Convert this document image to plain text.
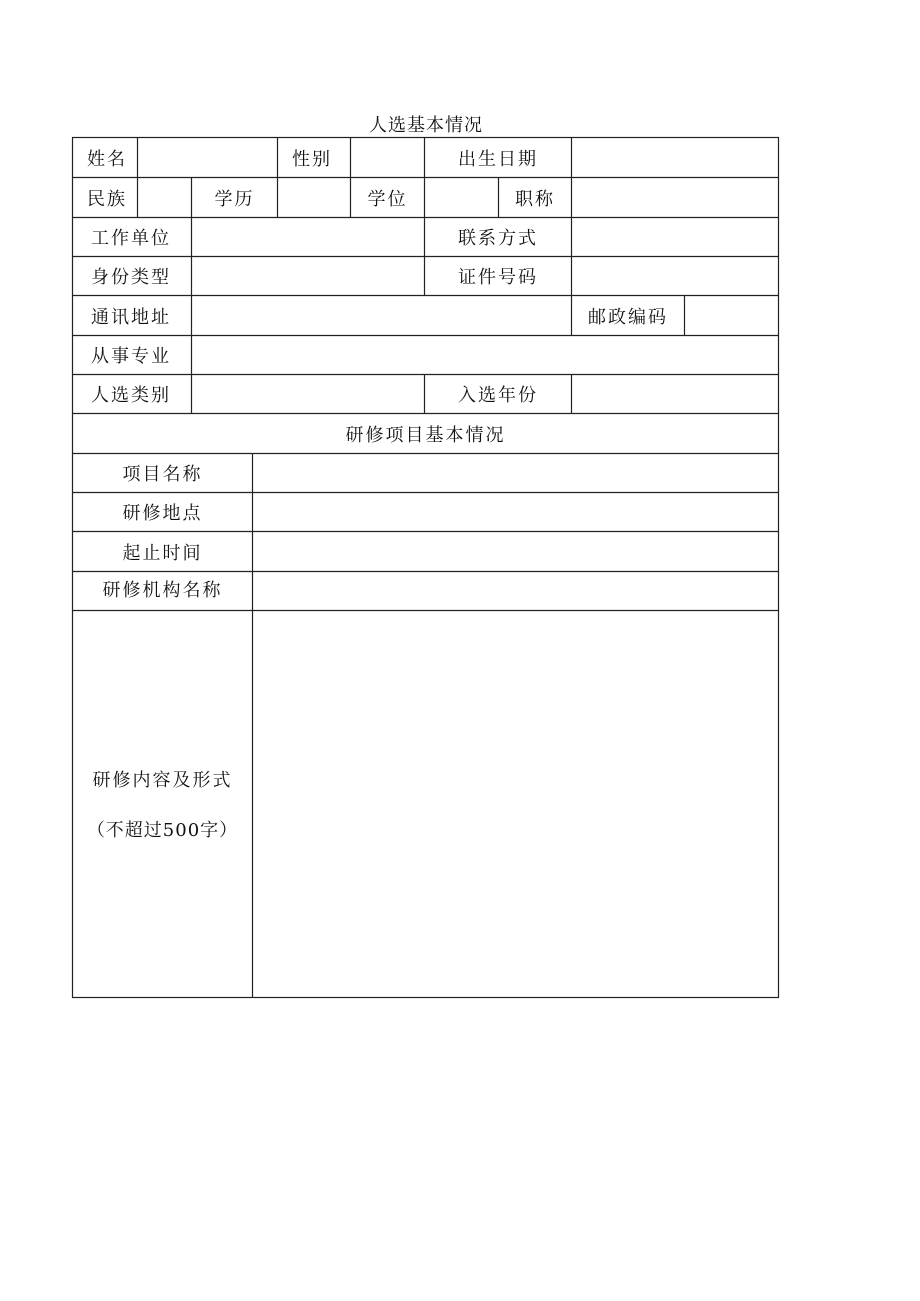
人选基本情况
姓名	性别	出生日期
民族	学历	学位	职称
工作单位	联系方式
身份类型	证件号码
通讯地址	邮政编码
从事专业
人选类别	入选年份
研修项目基本情况
项目名称
研修地点
起止时间
研修机构名称
研修内容及形式
（不超过500字）
